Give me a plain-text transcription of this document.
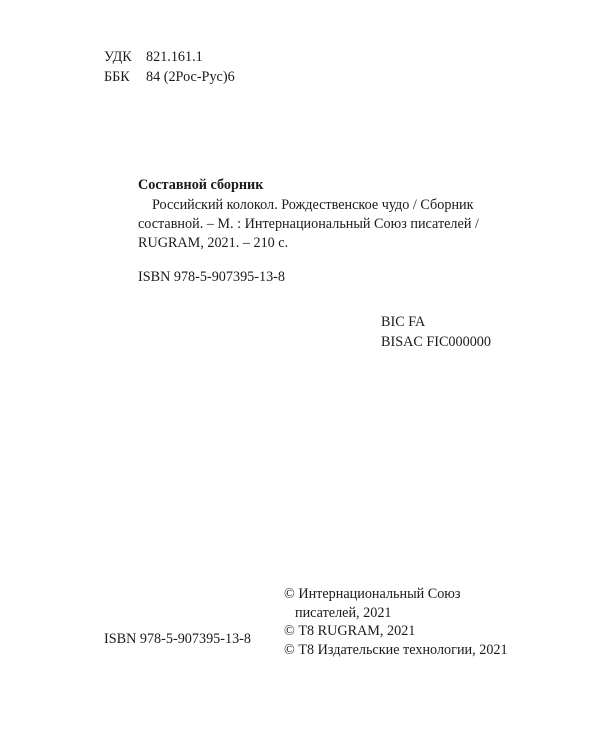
УДК	821.161.1
ББК	84 (2Рос-Рус)6
Составной сборник
Российский колокол. Рождественское чудо / Сборник
составной. – М. : Интернациональный Союз писателей /
RUGRAM, 2021. – 210 с.
ISBN 978-5-907395-13-8
BIC FA
BISAC FIC000000
© Интернациональный Союз
писателей, 2021
© Т8 RUGRAM, 2021
© Т8 Издательские технологии, 2021
ISBN 978-5-907395-13-8
